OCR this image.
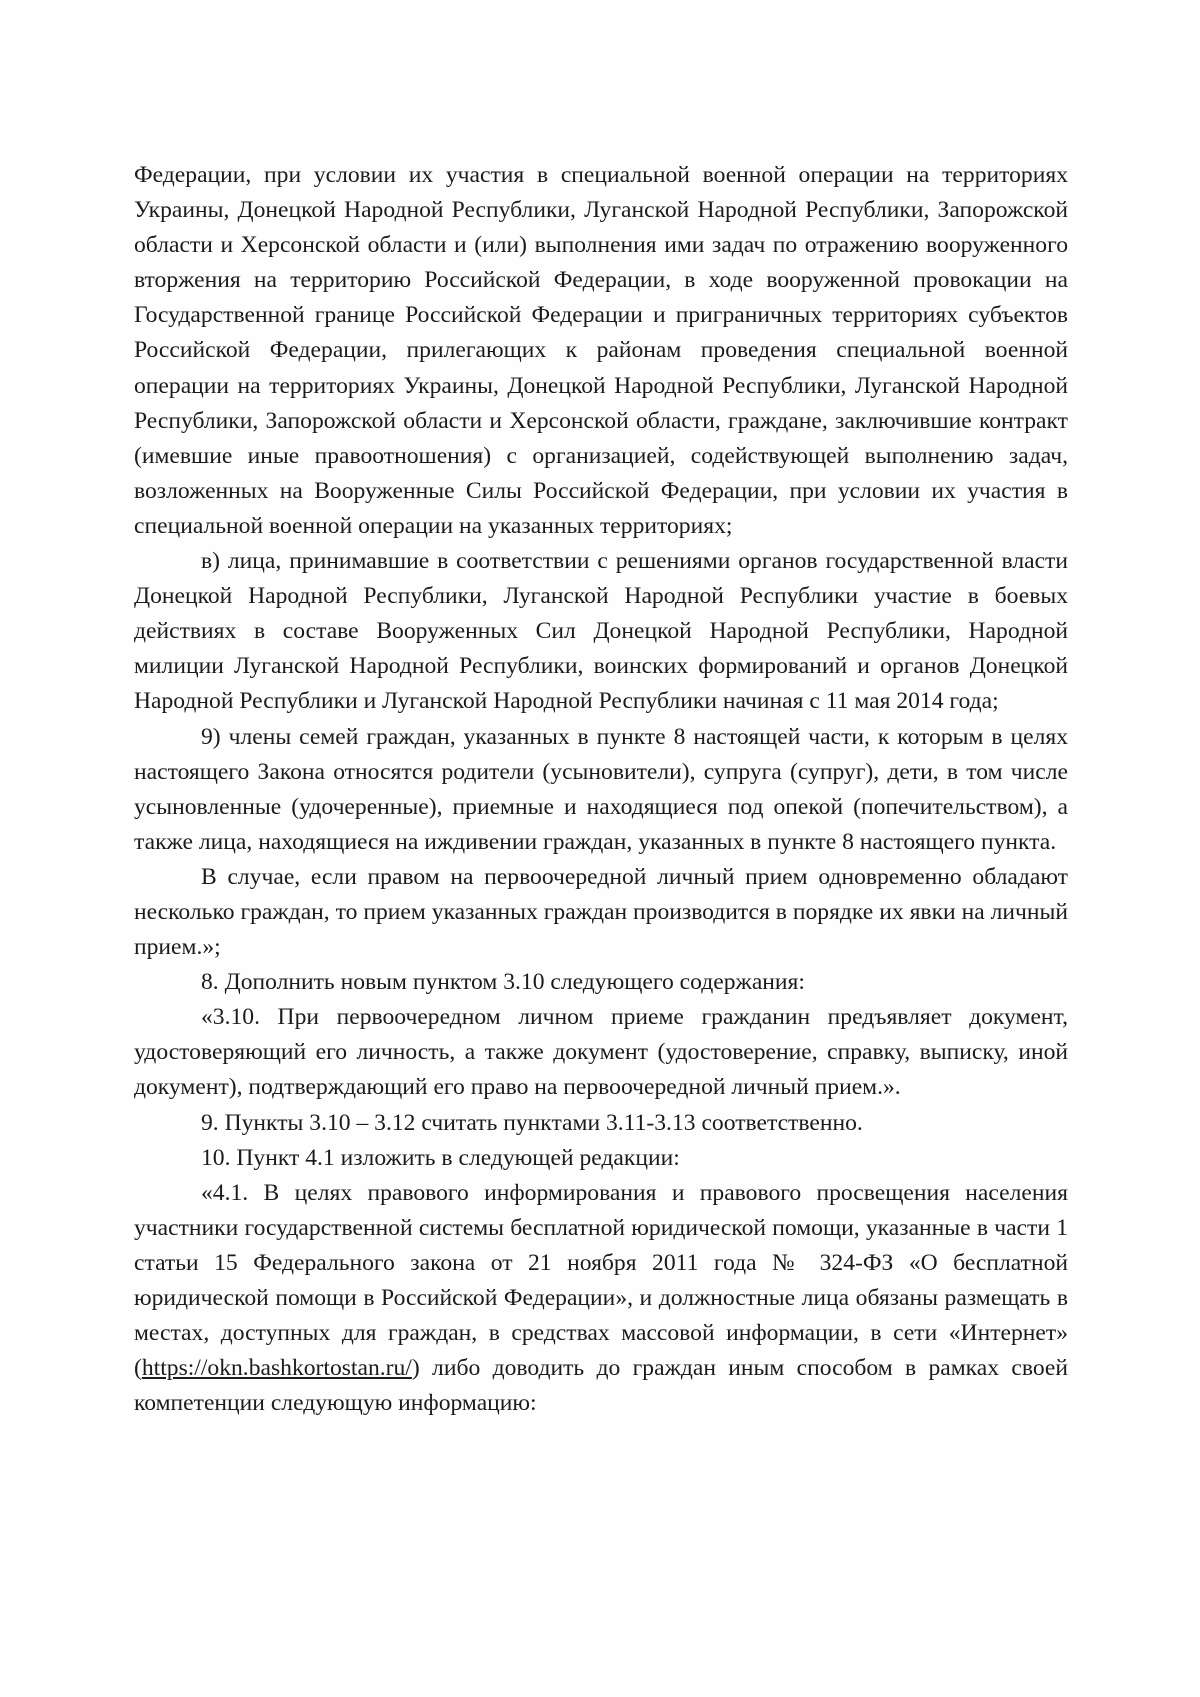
Федерации, при условии их участия в специальной военной операции на территориях Украины, Донецкой Народной Республики, Луганской Народной Республики, Запорожской области и Херсонской области и (или) выполнения ими задач по отражению вооруженного вторжения на территорию Российской Федерации, в ходе вооруженной провокации на Государственной границе Российской Федерации и приграничных территориях субъектов Российской Федерации, прилегающих к районам проведения специальной военной операции на территориях Украины, Донецкой Народной Республики, Луганской Народной Республики, Запорожской области и Херсонской области, граждане, заключившие контракт (имевшие иные правоотношения) с организацией, содействующей выполнению задач, возложенных на Вооруженные Силы Российской Федерации, при условии их участия в специальной военной операции на указанных территориях;

в) лица, принимавшие в соответствии с решениями органов государственной власти Донецкой Народной Республики, Луганской Народной Республики участие в боевых действиях в составе Вооруженных Сил Донецкой Народной Республики, Народной милиции Луганской Народной Республики, воинских формирований и органов Донецкой Народной Республики и Луганской Народной Республики начиная с 11 мая 2014 года;

9) члены семей граждан, указанных в пункте 8 настоящей части, к которым в целях настоящего Закона относятся родители (усыновители), супруга (супруг), дети, в том числе усыновленные (удочеренные), приемные и находящиеся под опекой (попечительством), а также лица, находящиеся на иждивении граждан, указанных в пункте 8 настоящего пункта.

В случае, если правом на первоочередной личный прием одновременно обладают несколько граждан, то прием указанных граждан производится в порядке их явки на личный прием.»;

8. Дополнить новым пунктом 3.10 следующего содержания:

«3.10. При первоочередном личном приеме гражданин предъявляет документ, удостоверяющий его личность, а также документ (удостоверение, справку, выписку, иной документ), подтверждающий его право на первоочередной личный прием.».

9. Пункты 3.10 – 3.12 считать пунктами 3.11-3.13 соответственно.

10. Пункт 4.1 изложить в следующей редакции:

«4.1. В целях правового информирования и правового просвещения населения участники государственной системы бесплатной юридической помощи, указанные в части 1 статьи 15 Федерального закона от 21 ноября 2011 года № 324-ФЗ «О бесплатной юридической помощи в Российской Федерации», и должностные лица обязаны размещать в местах, доступных для граждан, в средствах массовой информации, в сети «Интернет» (https://okn.bashkortostan.ru/) либо доводить до граждан иным способом в рамках своей компетенции следующую информацию:
